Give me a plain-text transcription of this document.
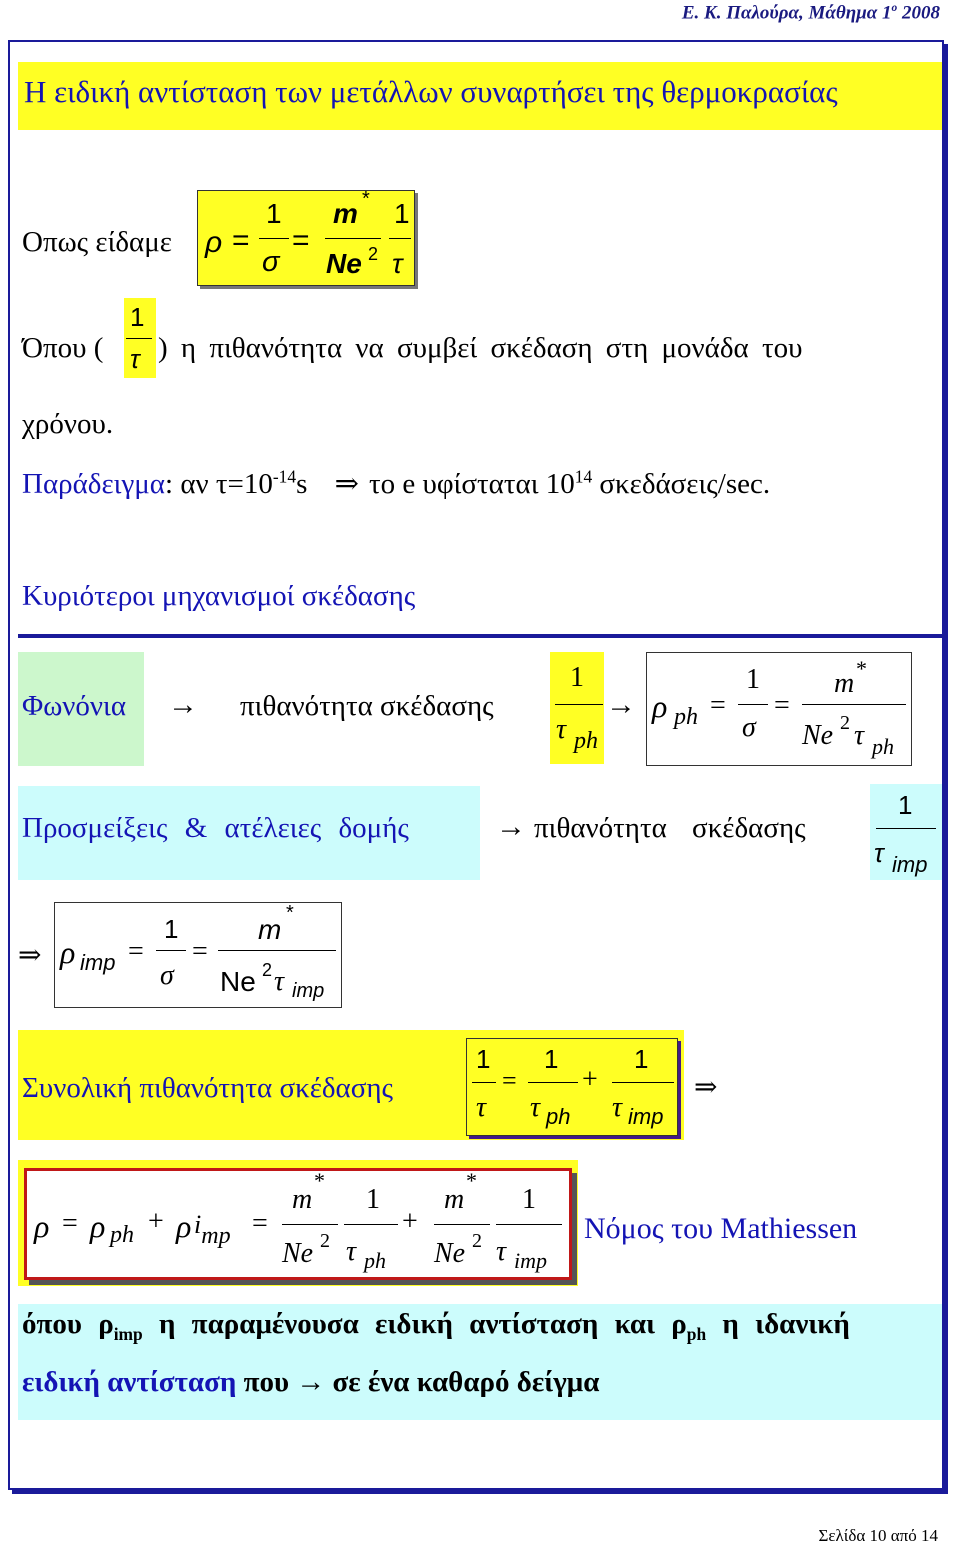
Ε. Κ. Παλούρα, Μάθημα $1^o$ 2008
Η ειδική αντίσταση των μετάλλων συναρτήσει της θερμοκρασίας
Οπως είδαμε ρ =
1
σ
=
m *
Ne 2
1
τ
Όπου (
1
τ ) η πιθανότητα να συμβεί σκέδαση στη μονάδα του
χρόνου.
Παράδειγμα: αν $\tau=10^{-14}s$ ⇒ το e υφίσταται $10^{14}$ σκεδάσεις/sec.
Κυριότεροι μηχανισμοί σκέδασης
Φωνόνια → πιθανότητα σκέδασης
1
τ ph
→ ρ ph =
1
σ
=
m *
Ne 2 τ ph
Προσμείξεις & ατέλειες δομής	→ πιθανότητα σκέδασης
1
τ imp
⇒ ρ imp =
1
σ
=
m
*
Ne 2 τ imp
Συνολική πιθανότητα σκέδασης
1
τ
=
1
τ ph
+
1
τ imp
⇒
ρ = ρ ph + ρ imp =
m
*
Ne 2
1
τ ph
+
m
*
Ne 2
1
τ imp
Νόμος του Mathiessen
όπου $\rho_{imp}$ η παραμένουσα ειδική αντίσταση και $\rho_{ph}$ η ιδανική
ειδική αντίσταση που → σε ένα καθαρό δείγμα
Σελίδα 10 από 14
